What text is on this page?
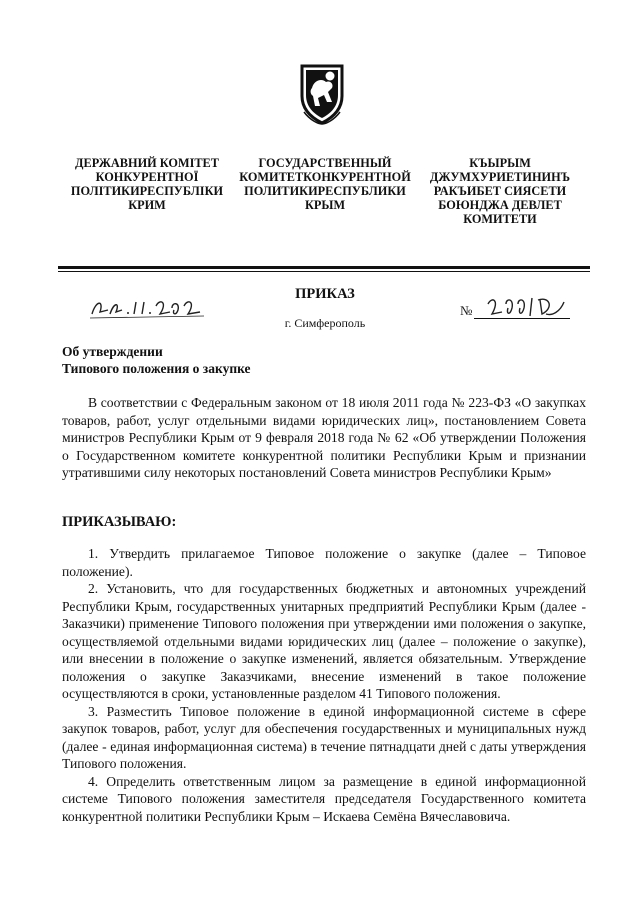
ДЕРЖАВНИЙ КОМІТЕТ
КОНКУРЕНТНОЇ
ПОЛІТИКИРЕСПУБЛІКИ
КРИМ
ГОСУДАРСТВЕННЫЙ
КОМИТЕТКОНКУРЕНТНОЙ
ПОЛИТИКИРЕСПУБЛИКИ
КРЫМ
КЪЫРЫМ
ДЖУМХУРИЕТИНИНЪ
РАКЪИБЕТ СИЯСЕТИ
БОЮНДЖА ДЕВЛЕТ
КОМИТЕТИ
ПРИКАЗ
г. Симферополь
№
Об утверждении
Типового положения о закупке

В соответствии с Федеральным законом от 18 июля 2011 года № 223-ФЗ «О закупках товаров, работ, услуг отдельными видами юридических лиц», постановлением Совета министров Республики Крым от 9 февраля 2018 года № 62 «Об утверждении Положения о Государственном комитете конкурентной политики Республики Крым и признании утратившими силу некоторых постановлений Совета министров Республики Крым»

ПРИКАЗЫВАЮ:

1. Утвердить прилагаемое Типовое положение о закупке (далее – Типовое положение).

2. Установить, что для государственных бюджетных и автономных учреждений Республики Крым, государственных унитарных предприятий Республики Крым (далее - Заказчики) применение Типового положения при утверждении ими положения о закупке, осуществляемой отдельными видами юридических лиц (далее – положение о закупке), или внесении в положение о закупке изменений, является обязательным. Утверждение положения о закупке Заказчиками, внесение изменений в такое положение осуществляются в сроки, установленные разделом 41 Типового положения.

3. Разместить Типовое положение в единой информационной системе в сфере закупок товаров, работ, услуг для обеспечения государственных и муниципальных нужд (далее - единая информационная система) в течение пятнадцати дней с даты утверждения Типового положения.

4. Определить ответственным лицом за размещение в единой информационной системе Типового положения заместителя председателя Государственного комитета конкурентной политики Республики Крым – Искаева Семёна Вячеславовича.
